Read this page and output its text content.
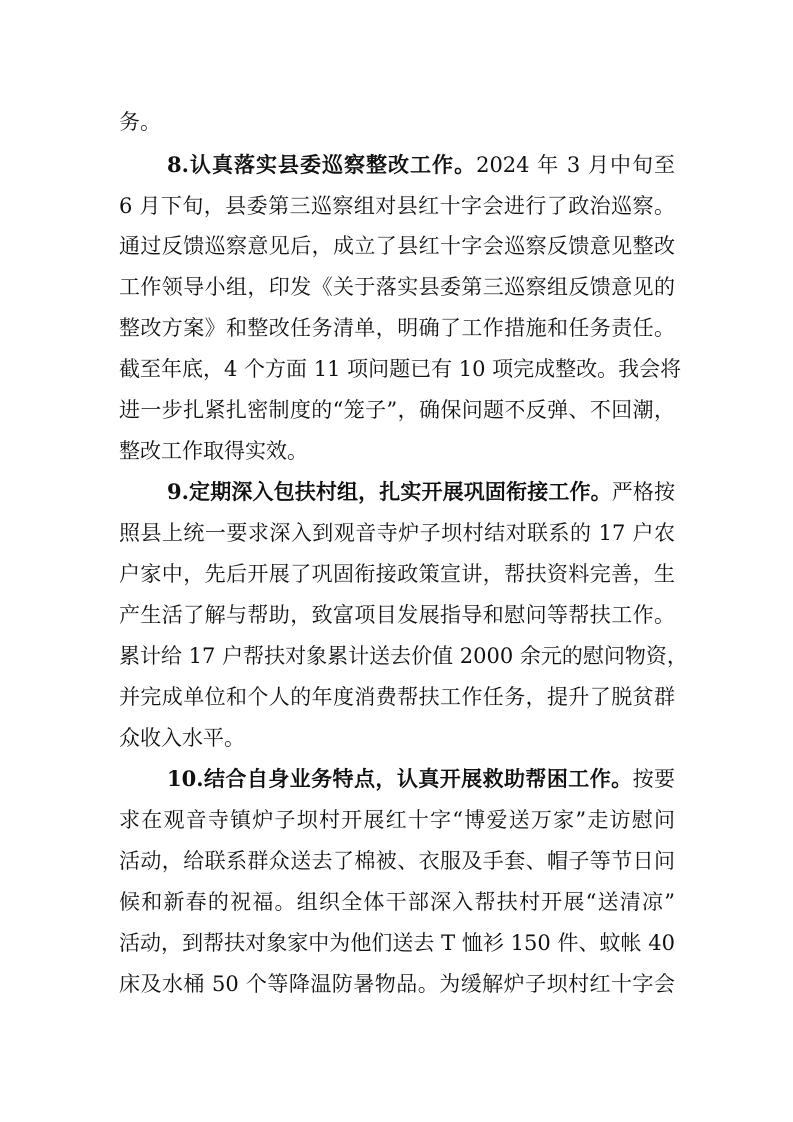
务。
8.认真落实县委巡察整改工作。2024 年 3 月中旬至
6 月下旬，县委第三巡察组对县红十字会进行了政治巡察。
通过反馈巡察意见后，成立了县红十字会巡察反馈意见整改
工作领导小组，印发《关于落实县委第三巡察组反馈意见的
整改方案》和整改任务清单，明确了工作措施和任务责任。
截至年底，4 个方面 11 项问题已有 10 项完成整改。我会将
进一步扎紧扎密制度的“笼子”，确保问题不反弹、不回潮，
整改工作取得实效。
9.定期深入包扶村组，扎实开展巩固衔接工作。严格按
照县上统一要求深入到观音寺炉子坝村结对联系的 17 户农
户家中，先后开展了巩固衔接政策宣讲，帮扶资料完善，生
产生活了解与帮助，致富项目发展指导和慰问等帮扶工作。
累计给 17 户帮扶对象累计送去价值 2000 余元的慰问物资，
并完成单位和个人的年度消费帮扶工作任务，提升了脱贫群
众收入水平。
10.结合自身业务特点，认真开展救助帮困工作。按要
求在观音寺镇炉子坝村开展红十字“博爱送万家”走访慰问
活动，给联系群众送去了棉被、衣服及手套、帽子等节日问
候和新春的祝福。组织全体干部深入帮扶村开展“送清凉”
活动，到帮扶对象家中为他们送去 T 恤衫 150 件、蚊帐 40
床及水桶 50 个等降温防暑物品。为缓解炉子坝村红十字会
